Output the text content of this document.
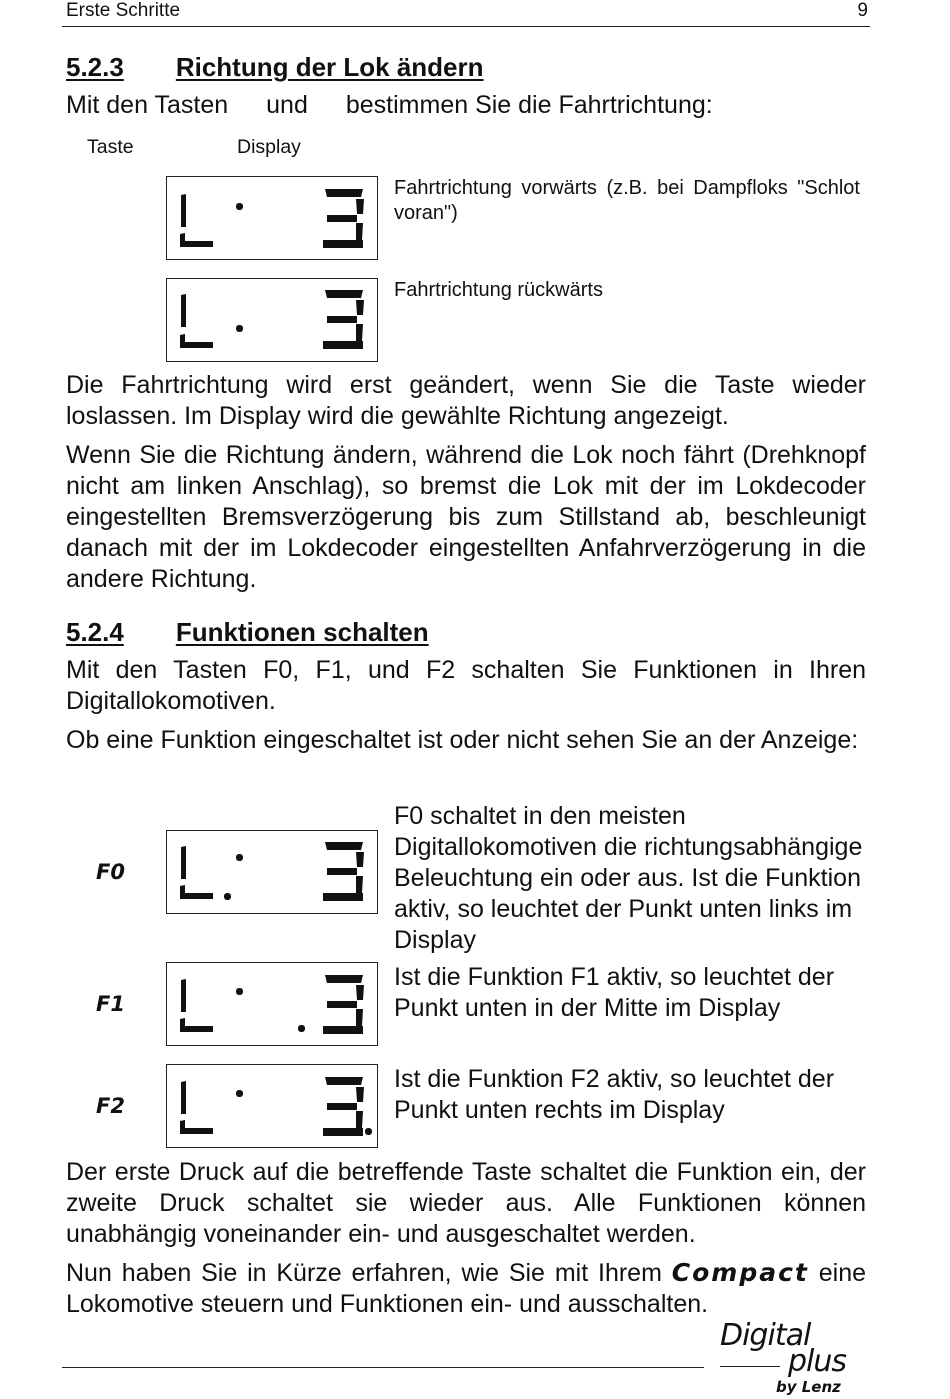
Erste Schritte	9
5.2.3 Richtung der Lok ändern
Mit den Tasten und bestimmen Sie die Fahrtrichtung:
Taste	Display
Fahrtrichtung vorwärts (z.B. bei Dampfloks "Schlot voran")
Fahrtrichtung rückwärts
Die Fahrtrichtung wird erst geändert, wenn Sie die Taste wieder loslassen. Im Display wird die gewählte Richtung angezeigt.
Wenn Sie die Richtung ändern, während die Lok noch fährt (Drehknopf nicht am linken Anschlag), so bremst die Lok mit der im Lokdecoder eingestellten Bremsverzögerung bis zum Stillstand ab, beschleunigt danach mit der im Lokdecoder eingestellten Anfahrverzögerung in die andere Richtung.
5.2.4 Funktionen schalten
Mit den Tasten F0, F1, und F2 schalten Sie Funktionen in Ihren Digitallokomotiven.
Ob eine Funktion eingeschaltet ist oder nicht sehen Sie an der Anzeige:
F0
F0 schaltet in den meisten Digitallokomotiven die richtungsabhängige Beleuchtung ein oder aus. Ist die Funktion aktiv, so leuchtet der Punkt unten links im Display
F1
Ist die Funktion F1 aktiv, so leuchtet der Punkt unten in der Mitte im Display
F2
Ist die Funktion F2 aktiv, so leuchtet der Punkt unten rechts im Display
Der erste Druck auf die betreffende Taste schaltet die Funktion ein, der zweite Druck schaltet sie wieder aus. Alle Funktionen können unabhängig voneinander ein- und ausgeschaltet werden.
Nun haben Sie in Kürze erfahren, wie Sie mit Ihrem Compact eine Lokomotive steuern und Funktionen ein- und ausschalten.
Digital
plus
by Lenz
